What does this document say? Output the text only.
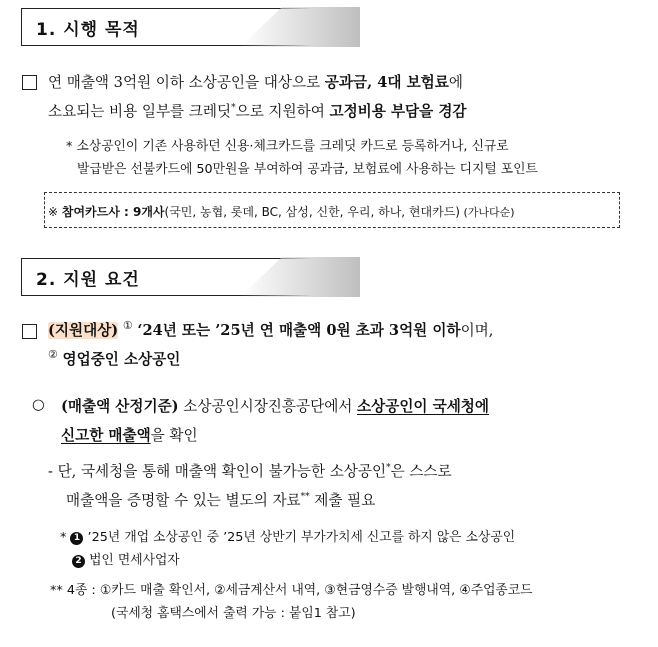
1. 시행 목적
연 매출액 3억원 이하 소상공인을 대상으로 공과금, 4대 보험료에
소요되는 비용 일부를 크레딧*으로 지원하여 고정비용 부담을 경감
* 소상공인이 기존 사용하던 신용·체크카드를 크레딧 카드로 등록하거나, 신규로
발급받은 선불카드에 50만원을 부여하여 공과금, 보험료에 사용하는 디지털 포인트
※ 참여카드사 : 9개사(국민, 농협, 롯데, BC, 삼성, 신한, 우리, 하나, 현대카드) (가나다순)
2. 지원 요건
(지원대상) ① ‘24년 또는 ’25년 연 매출액 0원 초과 3억원 이하이며,
② 영업중인 소상공인
○ (매출액 산정기준) 소상공인시장진흥공단에서 소상공인이 국세청에
신고한 매출액을 확인
- 단, 국세청을 통해 매출액 확인이 불가능한 소상공인*은 스스로
매출액을 증명할 수 있는 별도의 자료** 제출 필요
* 1 ’25년 개업 소상공인 중 ’25년 상반기 부가가치세 신고를 하지 않은 소상공인
2 법인 면세사업자
** 4종 : ①카드 매출 확인서, ②세금계산서 내역, ③현금영수증 발행내역, ④주업종코드
(국세청 홈택스에서 출력 가능 : 붙임1 참고)
